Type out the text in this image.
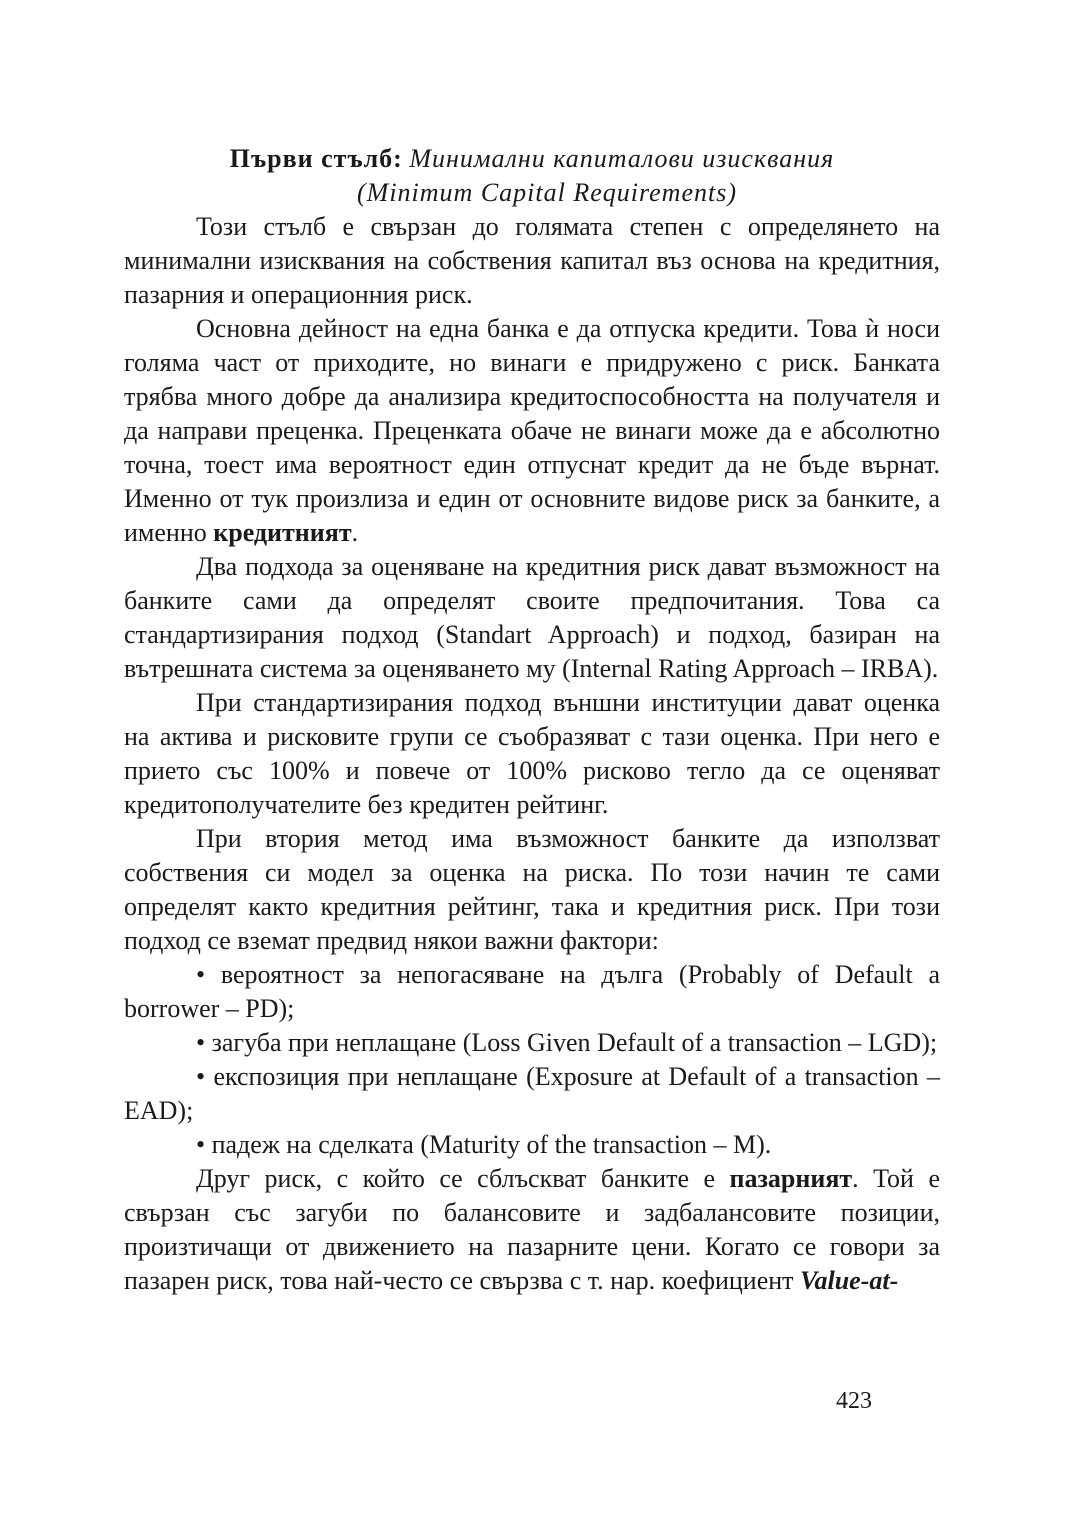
Първи стълб: Минимални капиталови изисквания
(Minimum Capital Requirements)

Този стълб е свързан до голямата степен с определянето на минимални изисквания на собствения капитал въз основа на кредитния, пазарния и операционния риск.

Основна дейност на една банка е да отпуска кредити. Това ѝ носи голяма част от приходите, но винаги е придружено с риск. Банката трябва много добре да анализира кредитоспособността на получателя и да направи преценка. Преценката обаче не винаги може да е абсолютно точна, тоест има вероятност един отпуснат кредит да не бъде върнат. Именно от тук произлиза и един от основните видове риск за банките, а именно кредитният.

Два подхода за оценяване на кредитния риск дават възможност на банките сами да определят своите предпочитания. Това са стандартизирания подход (Standart Approach) и подход, базиран на вътрешната система за оценяването му (Internal Rating Approach – IRBA).

При стандартизирания подход външни институции дават оценка на актива и рисковите групи се съобразяват с тази оценка. При него е прието със 100% и повече от 100% рисково тегло да се оценяват кредитополучателите без кредитен рейтинг.

При втория метод има възможност банките да използват собствения си модел за оценка на риска. По този начин те сами определят както кредитния рейтинг, така и кредитния риск. При този подход се вземат предвид някои важни фактори:

• вероятност за непогасяване на дълга (Probably of Default a borrower – PD);

• загуба при неплащане (Loss Given Default of a transaction – LGD);

• експозиция при неплащане (Exposure at Default of a transaction – EAD);

• падеж на сделката (Maturity of the transaction – M).

Друг риск, с който се сблъскват банките е пазарният. Той е свързан със загуби по балансовите и задбалансовите позиции, произтичащи от движението на пазарните цени. Когато се говори за пазарен риск, това най-често се свързва с т. нар. коефициент Value-at-

423
